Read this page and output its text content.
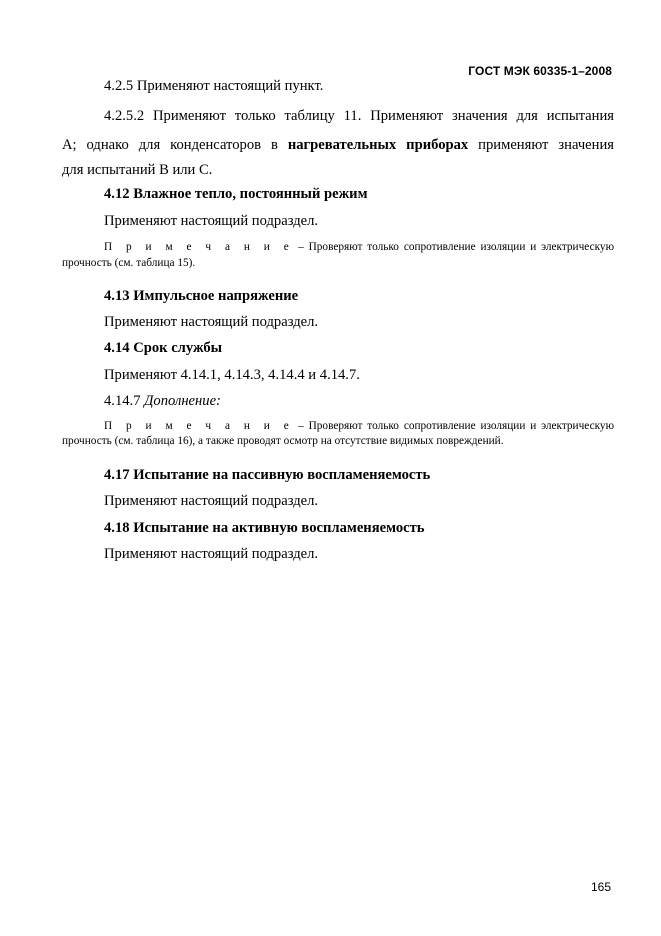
ГОСТ МЭК 60335-1–2008
4.2.5 Применяют настоящий пункт.
4.2.5.2 Применяют только таблицу 11. Применяют значения для испытания
А; однако для конденсаторов в нагревательных приборах применяют значения
для испытаний В или С.
4.12 Влажное тепло, постоянный режим
Применяют настоящий подраздел.
П р и м е ч а н и е – Проверяют только сопротивление изоляции и электрическую
прочность (см. таблица 15).
4.13 Импульсное напряжение
Применяют настоящий подраздел.
4.14 Срок службы
Применяют 4.14.1, 4.14.3, 4.14.4 и 4.14.7.
4.14.7 Дополнение:
П р и м е ч а н и е – Проверяют только сопротивление изоляции и электрическую
прочность (см. таблица 16), а также проводят осмотр на отсутствие видимых повреждений.
4.17 Испытание на пассивную воспламеняемость
Применяют настоящий подраздел.
4.18 Испытание на активную воспламеняемость
Применяют настоящий подраздел.
165
